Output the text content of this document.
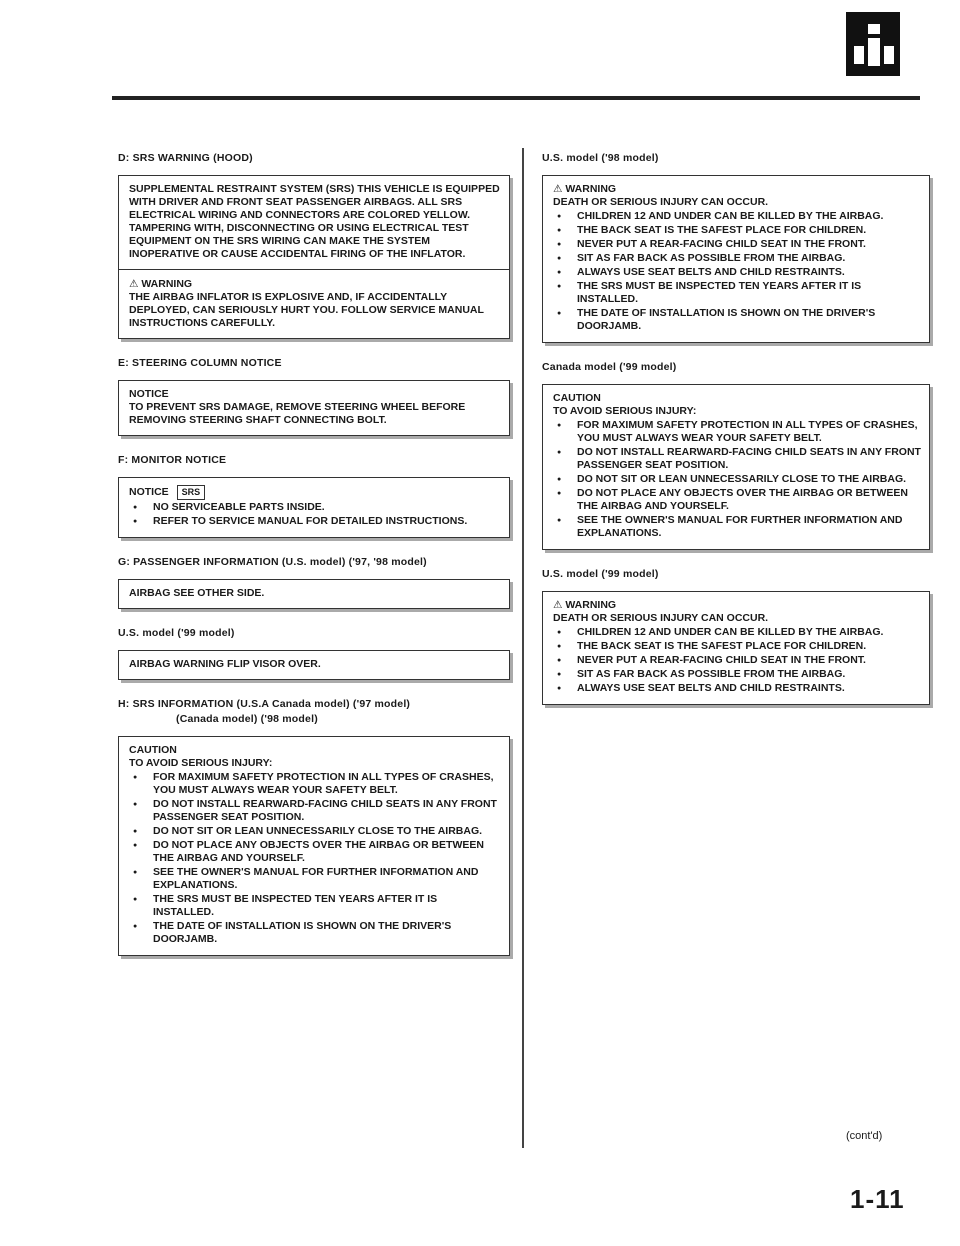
D: SRS WARNING (HOOD)

SUPPLEMENTAL RESTRAINT SYSTEM (SRS) THIS VEHICLE IS EQUIPPED WITH DRIVER AND FRONT SEAT PASSENGER AIRBAGS. ALL SRS ELECTRICAL WIRING AND CONNECTORS ARE COLORED YELLOW. TAMPERING WITH, DISCONNECTING OR USING ELECTRICAL TEST EQUIPMENT ON THE SRS WIRING CAN MAKE THE SYSTEM INOPERATIVE OR CAUSE ACCIDENTAL FIRING OF THE INFLATOR.

⚠ WARNING

THE AIRBAG INFLATOR IS EXPLOSIVE AND, IF ACCIDENTALLY DEPLOYED, CAN SERIOUSLY HURT YOU. FOLLOW SERVICE MANUAL INSTRUCTIONS CAREFULLY.

E: STEERING COLUMN NOTICE

NOTICE

TO PREVENT SRS DAMAGE, REMOVE STEERING WHEEL BEFORE REMOVING STEERING SHAFT CONNECTING BOLT.

F: MONITOR NOTICE

NOTICE SRS

● NO SERVICEABLE PARTS INSIDE.
● REFER TO SERVICE MANUAL FOR DETAILED INSTRUCTIONS.
G: PASSENGER INFORMATION (U.S. model) ('97, '98 model)

AIRBAG SEE OTHER SIDE.

U.S. model ('99 model)

AIRBAG WARNING FLIP VISOR OVER.

H: SRS INFORMATION (U.S.A Canada model) ('97 model)
(Canada model) ('98 model)

CAUTION

TO AVOID SERIOUS INJURY:

● FOR MAXIMUM SAFETY PROTECTION IN ALL TYPES OF CRASHES, YOU MUST ALWAYS WEAR YOUR SAFETY BELT.
● DO NOT INSTALL REARWARD-FACING CHILD SEATS IN ANY FRONT PASSENGER SEAT POSITION.
● DO NOT SIT OR LEAN UNNECESSARILY CLOSE TO THE AIRBAG.
● DO NOT PLACE ANY OBJECTS OVER THE AIRBAG OR BETWEEN THE AIRBAG AND YOURSELF.
● SEE THE OWNER'S MANUAL FOR FURTHER INFORMATION AND EXPLANATIONS.
● THE SRS MUST BE INSPECTED TEN YEARS AFTER IT IS INSTALLED.
● THE DATE OF INSTALLATION IS SHOWN ON THE DRIVER'S DOORJAMB.
U.S. model ('98 model)

⚠ WARNING

DEATH OR SERIOUS INJURY CAN OCCUR.

● CHILDREN 12 AND UNDER CAN BE KILLED BY THE AIRBAG.
● THE BACK SEAT IS THE SAFEST PLACE FOR CHILDREN.
● NEVER PUT A REAR-FACING CHILD SEAT IN THE FRONT.
● SIT AS FAR BACK AS POSSIBLE FROM THE AIRBAG.
● ALWAYS USE SEAT BELTS AND CHILD RESTRAINTS.
● THE SRS MUST BE INSPECTED TEN YEARS AFTER IT IS INSTALLED.
● THE DATE OF INSTALLATION IS SHOWN ON THE DRIVER'S DOORJAMB.
Canada model ('99 model)

CAUTION

TO AVOID SERIOUS INJURY:

● FOR MAXIMUM SAFETY PROTECTION IN ALL TYPES OF CRASHES, YOU MUST ALWAYS WEAR YOUR SAFETY BELT.
● DO NOT INSTALL REARWARD-FACING CHILD SEATS IN ANY FRONT PASSENGER SEAT POSITION.
● DO NOT SIT OR LEAN UNNECESSARILY CLOSE TO THE AIRBAG.
● DO NOT PLACE ANY OBJECTS OVER THE AIRBAG OR BETWEEN THE AIRBAG AND YOURSELF.
● SEE THE OWNER'S MANUAL FOR FURTHER INFORMATION AND EXPLANATIONS.
U.S. model ('99 model)

⚠ WARNING

DEATH OR SERIOUS INJURY CAN OCCUR.

● CHILDREN 12 AND UNDER CAN BE KILLED BY THE AIRBAG.
● THE BACK SEAT IS THE SAFEST PLACE FOR CHILDREN.
● NEVER PUT A REAR-FACING CHILD SEAT IN THE FRONT.
● SIT AS FAR BACK AS POSSIBLE FROM THE AIRBAG.
● ALWAYS USE SEAT BELTS AND CHILD RESTRAINTS.
(cont'd)
1-11
